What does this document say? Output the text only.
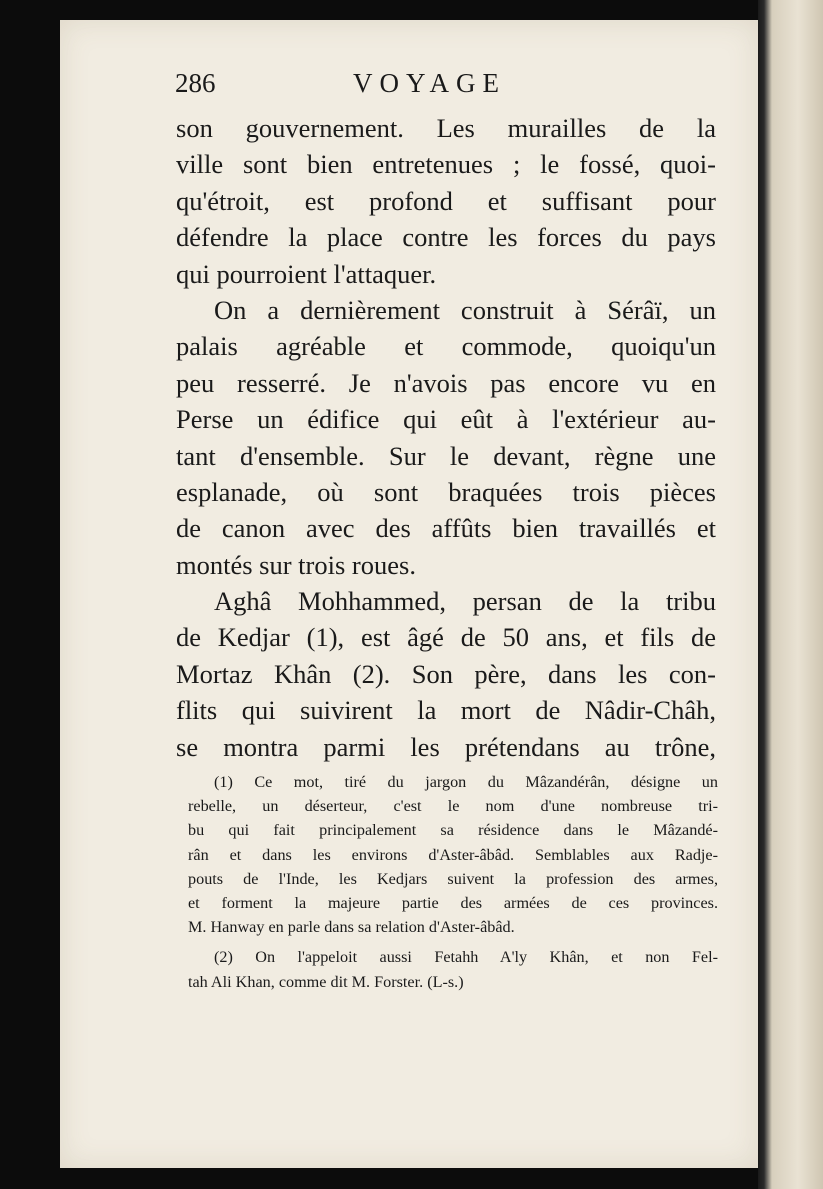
286	VOYAGE
son gouvernement. Les murailles de la
ville sont bien entretenues ; le fossé, quoi-
qu'étroit, est profond et suffisant pour
défendre la place contre les forces du pays
qui pourroient l'attaquer.
On a dernièrement construit à Sérâï, un
palais agréable et commode, quoiqu'un
peu resserré. Je n'avois pas encore vu en
Perse un édifice qui eût à l'extérieur au-
tant d'ensemble. Sur le devant, règne une
esplanade, où sont braquées trois pièces
de canon avec des affûts bien travaillés et
montés sur trois roues.
Aghâ Mohhammed, persan de la tribu
de Kedjar (1), est âgé de 50 ans, et fils de
Mortaz Khân (2). Son père, dans les con-
flits qui suivirent la mort de Nâdir-Châh,
se montra parmi les prétendans au trône,
(1) Ce mot, tiré du jargon du Mâzandérân, désigne un
rebelle, un déserteur, c'est le nom d'une nombreuse tri-
bu qui fait principalement sa résidence dans le Mâzandé-
rân et dans les environs d'Aster-âbâd. Semblables aux Radje-
pouts de l'Inde, les Kedjars suivent la profession des armes,
et forment la majeure partie des armées de ces provinces.
M. Hanway en parle dans sa relation d'Aster-âbâd.
(2) On l'appeloit aussi Fetahh A'ly Khân, et non Fel-
tah Ali Khan, comme dit M. Forster. (L-s.)
